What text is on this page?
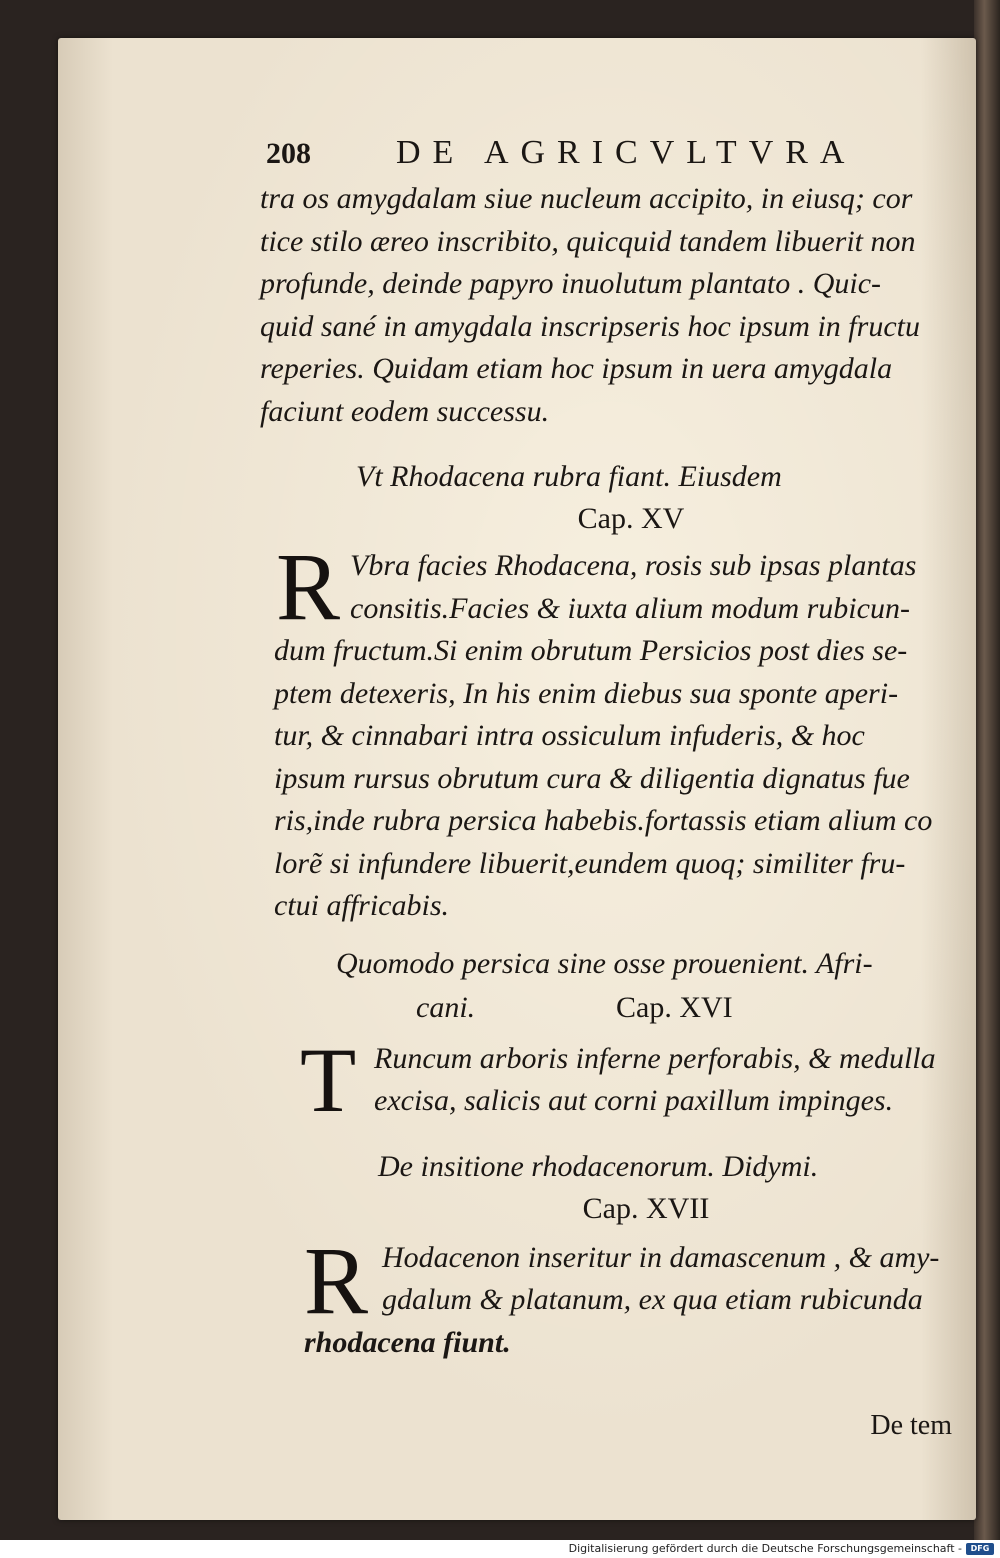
208	DE AGRICVLTVRA
tra os amygdalam siue nucleum accipito, in eiusq; cor
tice stilo æreo inscribito, quicquid tandem libuerit non
profunde, deinde papyro inuolutum plantato . Quic-
quid sané in amygdala inscripseris hoc ipsum in fructu
reperies. Quidam etiam hoc ipsum in uera amygdala
faciunt eodem successu.
Vt Rhodacena rubra fiant. Eiusdem
Cap. XV
R Vbra facies Rhodacena, rosis sub ipsas plantas
consitis.Facies & iuxta alium modum rubicun-
dum fructum.Si enim obrutum Persicios post dies se-
ptem detexeris, In his enim diebus sua sponte aperi-
tur, & cinnabari intra ossiculum infuderis, & hoc
ipsum rursus obrutum cura & diligentia dignatus fue
ris,inde rubra persica habebis.fortassis etiam alium co
lorẽ si infundere libuerit,eundem quoq; similiter fru-
ctui affricabis.
Quomodo persica sine osse prouenient. Afri-
cani.	Cap. XVI
T Runcum arboris inferne perforabis, & medulla
excisa, salicis aut corni paxillum impinges.
De insitione rhodacenorum. Didymi.
Cap. XVII
R Hodacenon inseritur in damascenum , & amy-
gdalum & platanum, ex qua etiam rubicunda
rhodacena fiunt.
De tem
Digitalisierung gefördert durch die Deutsche Forschungsgemeinschaft -	DFG
